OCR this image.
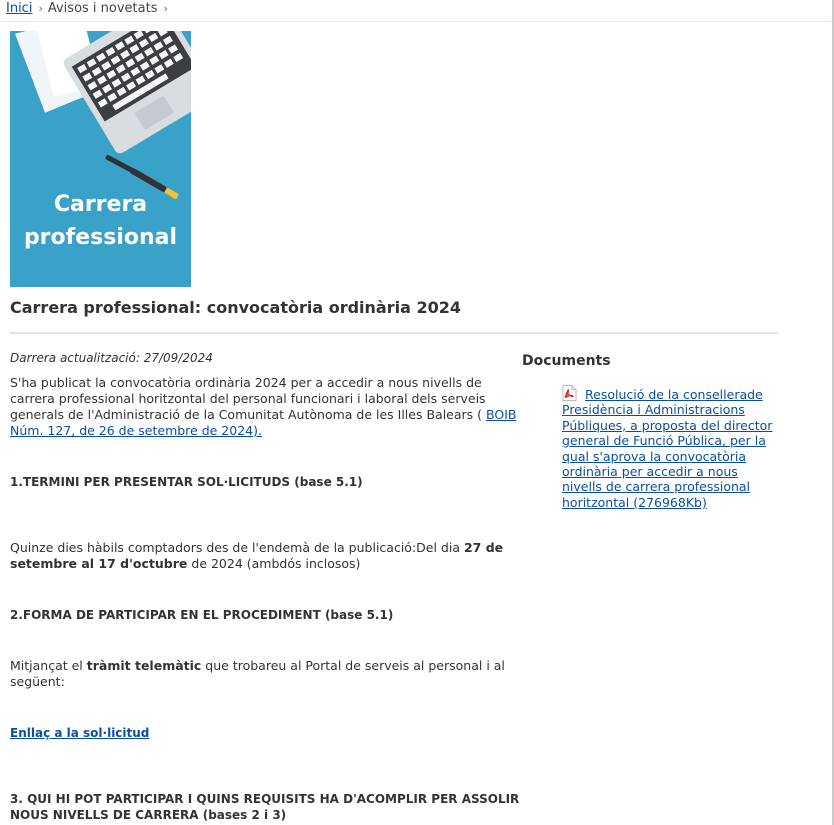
Inici › Avisos i novetats ›
Carrera
professional
Carrera professional: convocatòria ordinària 2024

Darrera actualització: 27/09/2024

S'ha publicat la convocatòria ordinària 2024 per a accedir a nous nivells de carrera professional horitzontal del personal funcionari i laboral dels serveis generals de l'Administració de la Comunitat Autònoma de les Illes Balears ( BOIB Núm. 127, de 26 de setembre de 2024).

1.TERMINI PER PRESENTAR SOL·LICITUDS (base 5.1)

Quinze dies hàbils comptadors des de l'endemà de la publicació:Del dia 27 de setembre al 17 d'octubre de 2024 (ambdós inclosos)

2.FORMA DE PARTICIPAR EN EL PROCEDIMENT (base 5.1)

Mitjançat el tràmit telemàtic que trobareu al Portal de serveis al personal i al següent:

Enllaç a la sol·licitud

3. QUI HI POT PARTICIPAR I QUINS REQUISITS HA D'ACOMPLIR PER ASSOLIR NOUS NIVELLS DE CARRERA (bases 2 i 3)

Documents
Resolució de la consellerade Presidència i Administracions Públiques, a proposta del director general de Funció Pública, per la qual s'aprova la convocatòria ordinària per accedir a nous nivells de carrera professional horitzontal (276968Kb)
